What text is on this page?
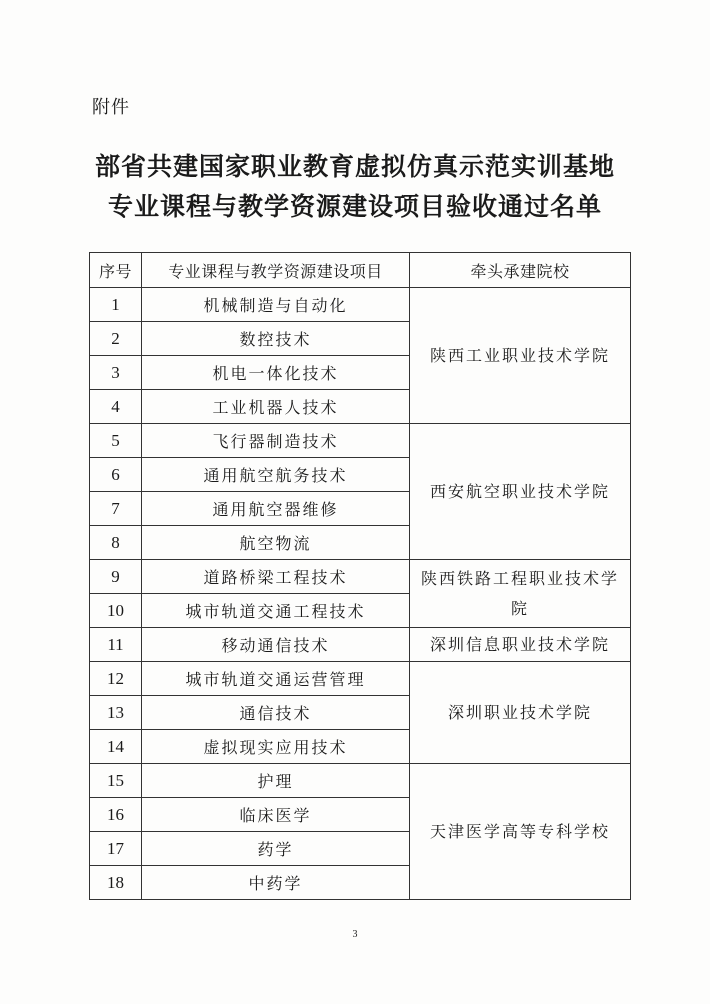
附件
部省共建国家职业教育虚拟仿真示范实训基地
专业课程与教学资源建设项目验收通过名单
序号	专业课程与教学资源建设项目	牵头承建院校
1	机械制造与自动化	陕西工业职业技术学院
2	数控技术	
3	机电一体化技术	
4	工业机器人技术	
5	飞行器制造技术	西安航空职业技术学院
6	通用航空航务技术	
7	通用航空器维修	
8	航空物流	
9	道路桥梁工程技术	陕西铁路工程职业技术学院
10	城市轨道交通工程技术	
11	移动通信技术	深圳信息职业技术学院
12	城市轨道交通运营管理	深圳职业技术学院
13	通信技术	
14	虚拟现实应用技术	
15	护理	天津医学高等专科学校
16	临床医学	
17	药学	
18	中药学	
3
